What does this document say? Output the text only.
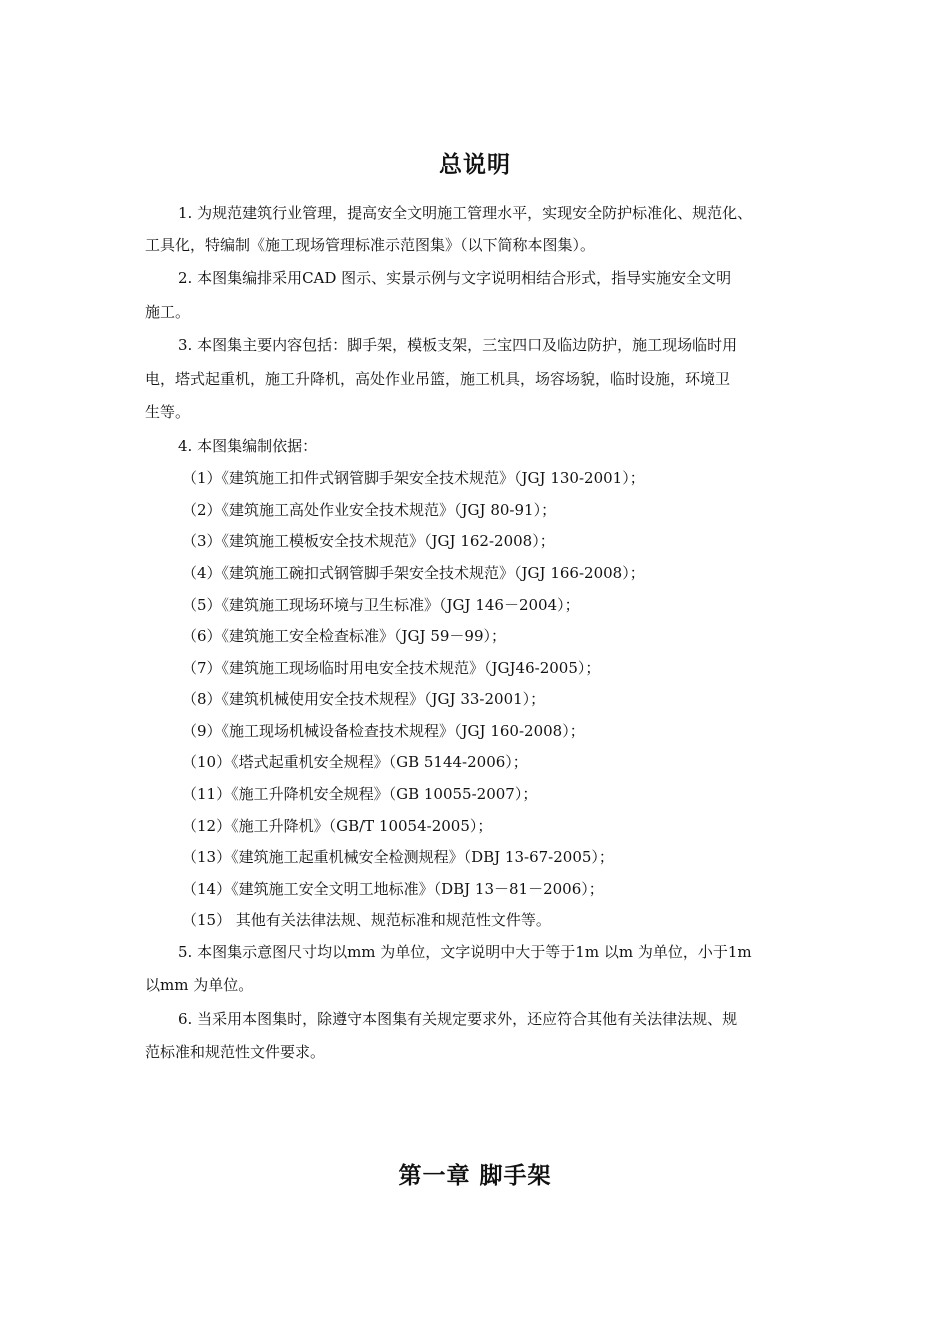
总说明
1. 为规范建筑行业管理，提高安全文明施工管理水平，实现安全防护标准化、规范化、
工具化，特编制《施工现场管理标准示范图集》（以下简称本图集）。
2. 本图集编排采用CAD 图示、实景示例与文字说明相结合形式，指导实施安全文明
施工。
3. 本图集主要内容包括：脚手架，模板支架，三宝四口及临边防护，施工现场临时用
电，塔式起重机，施工升降机，高处作业吊篮，施工机具，场容场貌，临时设施，环境卫
生等。
4. 本图集编制依据：
（1）《建筑施工扣件式钢管脚手架安全技术规范》（JGJ 130-2001）；
（2）《建筑施工高处作业安全技术规范》（JGJ 80-91）；
（3）《建筑施工模板安全技术规范》（JGJ 162-2008）；
（4）《建筑施工碗扣式钢管脚手架安全技术规范》（JGJ 166-2008）；
（5）《建筑施工现场环境与卫生标准》（JGJ 146－2004）；
（6）《建筑施工安全检查标准》（JGJ 59－99）；
（7）《建筑施工现场临时用电安全技术规范》（JGJ46-2005）；
（8）《建筑机械使用安全技术规程》（JGJ 33-2001）；
（9）《施工现场机械设备检查技术规程》（JGJ 160-2008）；
（10）《塔式起重机安全规程》（GB 5144-2006）；
（11）《施工升降机安全规程》（GB 10055-2007）；
（12）《施工升降机》（GB/T 10054-2005）；
（13）《建筑施工起重机械安全检测规程》（DBJ 13-67-2005）；
（14）《建筑施工安全文明工地标准》（DBJ 13－81－2006）；
（15） 其他有关法律法规、规范标准和规范性文件等。
5. 本图集示意图尺寸均以mm 为单位，文字说明中大于等于1m 以m 为单位，小于1m
以mm 为单位。
6. 当采用本图集时，除遵守本图集有关规定要求外，还应符合其他有关法律法规、规
范标准和规范性文件要求。
第一章 脚手架
